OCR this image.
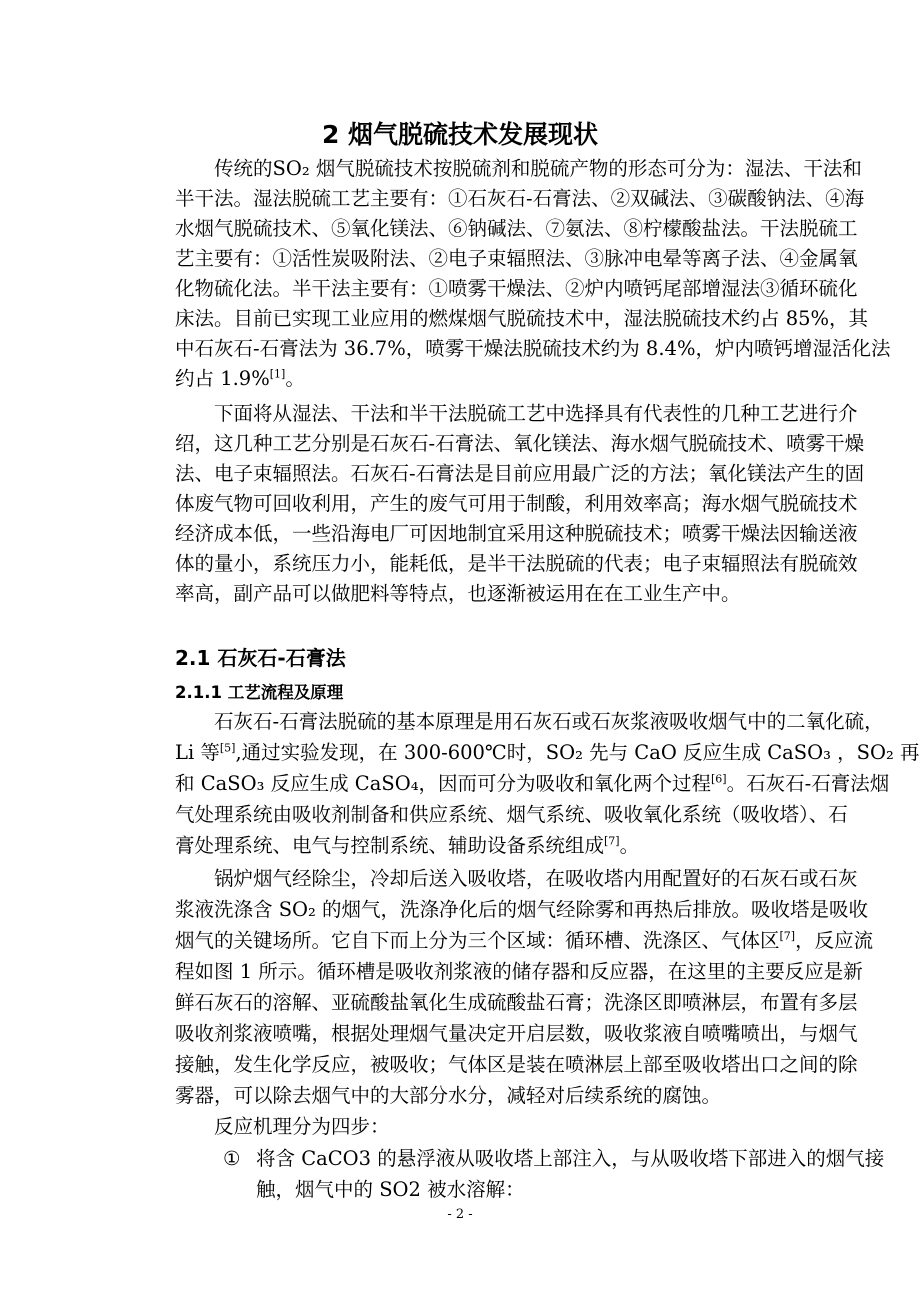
2 烟气脱硫技术发展现状
传统的SO₂ 烟气脱硫技术按脱硫剂和脱硫产物的形态可分为：湿法、干法和
半干法。湿法脱硫工艺主要有：①石灰石-石膏法、②双碱法、③碳酸钠法、④海
水烟气脱硫技术、⑤氧化镁法、⑥钠碱法、⑦氨法、⑧柠檬酸盐法。干法脱硫工
艺主要有：①活性炭吸附法、②电子束辐照法、③脉冲电晕等离子法、④金属氧
化物硫化法。半干法主要有：①喷雾干燥法、②炉内喷钙尾部增湿法③循环硫化
床法。目前已实现工业应用的燃煤烟气脱硫技术中，湿法脱硫技术约占 85%，其
中石灰石-石膏法为 36.7%，喷雾干燥法脱硫技术约为 8.4%，炉内喷钙增湿活化法
约占 1.9%[1]。
下面将从湿法、干法和半干法脱硫工艺中选择具有代表性的几种工艺进行介
绍，这几种工艺分别是石灰石-石膏法、氧化镁法、海水烟气脱硫技术、喷雾干燥
法、电子束辐照法。石灰石-石膏法是目前应用最广泛的方法；氧化镁法产生的固
体废气物可回收利用，产生的废气可用于制酸，利用效率高；海水烟气脱硫技术
经济成本低，一些沿海电厂可因地制宜采用这种脱硫技术；喷雾干燥法因输送液
体的量小，系统压力小，能耗低，是半干法脱硫的代表；电子束辐照法有脱硫效
率高，副产品可以做肥料等特点，也逐渐被运用在在工业生产中。
2.1 石灰石-石膏法
2.1.1 工艺流程及原理
石灰石-石膏法脱硫的基本原理是用石灰石或石灰浆液吸收烟气中的二氧化硫，
Li 等[5],通过实验发现，在 300-600℃时，SO₂ 先与 CaO 反应生成 CaSO₃ ，SO₂ 再
和 CaSO₃ 反应生成 CaSO₄，因而可分为吸收和氧化两个过程[6]。石灰石-石膏法烟
气处理系统由吸收剂制备和供应系统、烟气系统、吸收氧化系统（吸收塔）、石
膏处理系统、电气与控制系统、辅助设备系统组成[7]。
锅炉烟气经除尘，冷却后送入吸收塔，在吸收塔内用配置好的石灰石或石灰
浆液洗涤含 SO₂ 的烟气，洗涤净化后的烟气经除雾和再热后排放。吸收塔是吸收
烟气的关键场所。它自下而上分为三个区域：循环槽、洗涤区、气体区[7]，反应流
程如图 1 所示。循环槽是吸收剂浆液的储存器和反应器，在这里的主要反应是新
鲜石灰石的溶解、亚硫酸盐氧化生成硫酸盐石膏；洗涤区即喷淋层，布置有多层
吸收剂浆液喷嘴，根据处理烟气量决定开启层数，吸收浆液自喷嘴喷出，与烟气
接触，发生化学反应，被吸收；气体区是装在喷淋层上部至吸收塔出口之间的除
雾器，可以除去烟气中的大部分水分，减轻对后续系统的腐蚀。
反应机理分为四步：
① 将含 CaCO3 的悬浮液从吸收塔上部注入，与从吸收塔下部进入的烟气接
触，烟气中的 SO2 被水溶解：
- 2 -
